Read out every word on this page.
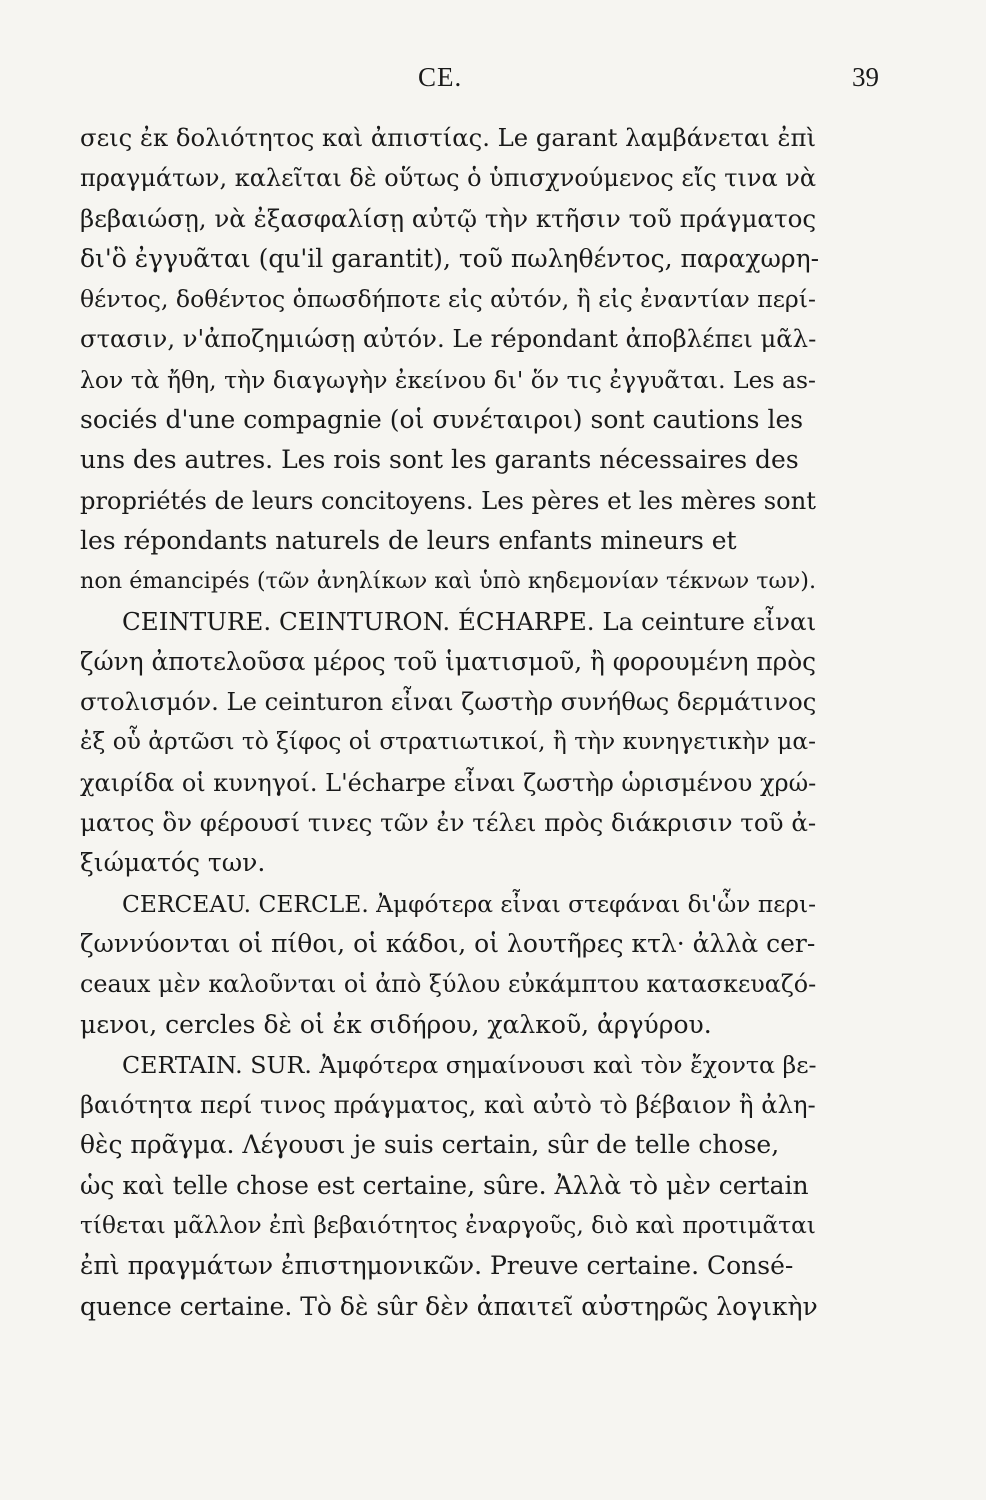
CE.	39
σεις ἐκ δολιότητος καὶ ἀπιστίας. Le garant λαμβάνεται ἐπὶ
πραγμάτων, καλεῖται δὲ οὕτως ὁ ὑπισχνούμενος εἴς τινα νὰ
βεβαιώσῃ, νὰ ἐξασφαλίσῃ αὐτῷ τὴν κτῆσιν τοῦ πράγματος
δι'ὃ ἐγγυᾶται (qu'il garantit), τοῦ πωληθέντος, παραχωρη-
θέντος, δοθέντος ὁπωσδήποτε εἰς αὐτόν, ἢ εἰς ἐναντίαν περί-
στασιν, ν'ἀποζημιώσῃ αὐτόν. Le répondant ἀποβλέπει μᾶλ-
λον τὰ ἤθη, τὴν διαγωγὴν ἐκείνου δι' ὅν τις ἐγγυᾶται. Les as-
sociés d'une compagnie (οἱ συνέταιροι) sont cautions les
uns des autres. Les rois sont les garants nécessaires des
propriétés de leurs concitoyens. Les pères et les mères sont
les répondants naturels de leurs enfants mineurs et
non émancipés (τῶν ἀνηλίκων καὶ ὑπὸ κηδεμονίαν τέκνων των).
CEINTURE. CEINTURON. ÉCHARPE. La ceinture εἶναι
ζώνη ἀποτελοῦσα μέρος τοῦ ἱματισμοῦ, ἢ φορουμένη πρὸς
στολισμόν. Le ceinturon εἶναι ζωστὴρ συνήθως δερμάτινος
ἐξ οὗ ἀρτῶσι τὸ ξίφος οἱ στρατιωτικοί, ἢ τὴν κυνηγετικὴν μα-
χαιρίδα οἱ κυνηγοί. L'écharpe εἶναι ζωστὴρ ὡρισμένου χρώ-
ματος ὃν φέρουσί τινες τῶν ἐν τέλει πρὸς διάκρισιν τοῦ ἀ-
ξιώματός των.
CERCEAU. CERCLE. Ἀμφότερα εἶναι στεφάναι δι'ὧν περι-
ζωννύονται οἱ πίθοι, οἱ κάδοι, οἱ λουτῆρες κτλ· ἀλλὰ cer-
ceaux μὲν καλοῦνται οἱ ἀπὸ ξύλου εὐκάμπτου κατασκευαζό-
μενοι, cercles δὲ οἱ ἐκ σιδήρου, χαλκοῦ, ἀργύρου.
CERTAIN. SUR. Ἀμφότερα σημαίνουσι καὶ τὸν ἔχοντα βε-
βαιότητα περί τινος πράγματος, καὶ αὐτὸ τὸ βέβαιον ἢ ἀλη-
θὲς πρᾶγμα. Λέγουσι je suis certain, sûr de telle chose,
ὡς καὶ telle chose est certaine, sûre. Ἀλλὰ τὸ μὲν certain
τίθεται μᾶλλον ἐπὶ βεβαιότητος ἐναργοῦς, διὸ καὶ προτιμᾶται
ἐπὶ πραγμάτων ἐπιστημονικῶν. Preuve certaine. Consé-
quence certaine. Τὸ δὲ sûr δὲν ἀπαιτεῖ αὐστηρῶς λογικὴν
